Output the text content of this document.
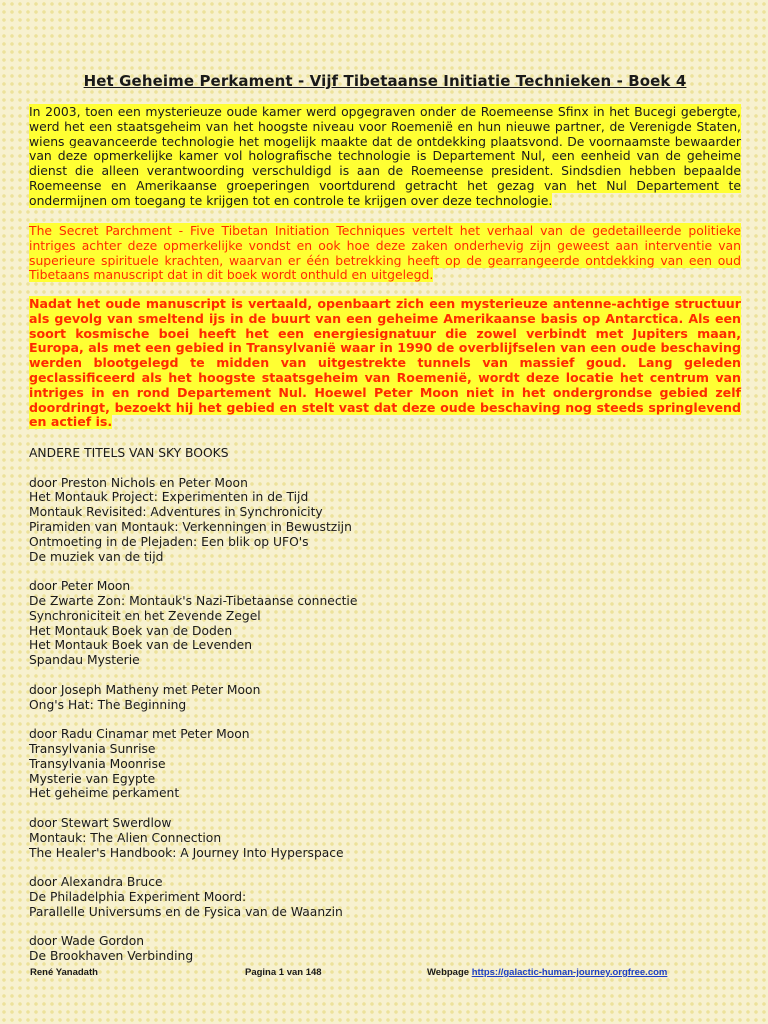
Het Geheime Perkament - Vijf Tibetaanse Initiatie Technieken - Boek 4
In 2003, toen een mysterieuze oude kamer werd opgegraven onder de Roemeense Sfinx in het Bucegi gebergte, werd het een staatsgeheim van het hoogste niveau voor Roemenië en hun nieuwe partner, de Verenigde Staten, wiens geavanceerde technologie het mogelijk maakte dat de ontdekking plaatsvond. De voornaamste bewaarder van deze opmerkelijke kamer vol holografische technologie is Departement Nul, een eenheid van de geheime dienst die alleen verantwoording verschuldigd is aan de Roemeense president. Sindsdien hebben bepaalde Roemeense en Amerikaanse groeperingen voortdurend getracht het gezag van het Nul Departement te ondermijnen om toegang te krijgen tot en controle te krijgen over deze technologie.
The Secret Parchment - Five Tibetan Initiation Techniques vertelt het verhaal van de gedetailleerde politieke intriges achter deze opmerkelijke vondst en ook hoe deze zaken onderhevig zijn geweest aan interventie van superieure spirituele krachten, waarvan er één betrekking heeft op de gearrangeerde ontdekking van een oud Tibetaans manuscript dat in dit boek wordt onthuld en uitgelegd.
Nadat het oude manuscript is vertaald, openbaart zich een mysterieuze antenne-achtige structuur als gevolg van smeltend ijs in de buurt van een geheime Amerikaanse basis op Antarctica. Als een soort kosmische boei heeft het een energiesignatuur die zowel verbindt met Jupiters maan, Europa, als met een gebied in Transylvanië waar in 1990 de overblijfselen van een oude beschaving werden blootgelegd te midden van uitgestrekte tunnels van massief goud. Lang geleden geclassificeerd als het hoogste staatsgeheim van Roemenië, wordt deze locatie het centrum van intriges in en rond Departement Nul. Hoewel Peter Moon niet in het ondergrondse gebied zelf doordringt, bezoekt hij het gebied en stelt vast dat deze oude beschaving nog steeds springlevend en actief is.
ANDERE TITELS VAN SKY BOOKS
door Preston Nichols en Peter Moon
Het Montauk Project: Experimenten in de Tijd
Montauk Revisited: Adventures in Synchronicity
Piramiden van Montauk: Verkenningen in Bewustzijn
Ontmoeting in de Plejaden: Een blik op UFO's
De muziek van de tijd
door Peter Moon
De Zwarte Zon: Montauk's Nazi-Tibetaanse connectie
Synchroniciteit en het Zevende Zegel
Het Montauk Boek van de Doden
Het Montauk Boek van de Levenden
Spandau Mysterie
door Joseph Matheny met Peter Moon
Ong's Hat: The Beginning
door Radu Cinamar met Peter Moon
Transylvania Sunrise
Transylvania Moonrise
Mysterie van Egypte
Het geheime perkament
door Stewart Swerdlow
Montauk: The Alien Connection
The Healer's Handbook: A Journey Into Hyperspace
door Alexandra Bruce
De Philadelphia Experiment Moord:
Parallelle Universums en de Fysica van de Waanzin
door Wade Gordon
De Brookhaven Verbinding
René Yanadath	Pagina 1 van 148	Webpage https://galactic-human-journey.orgfree.com
